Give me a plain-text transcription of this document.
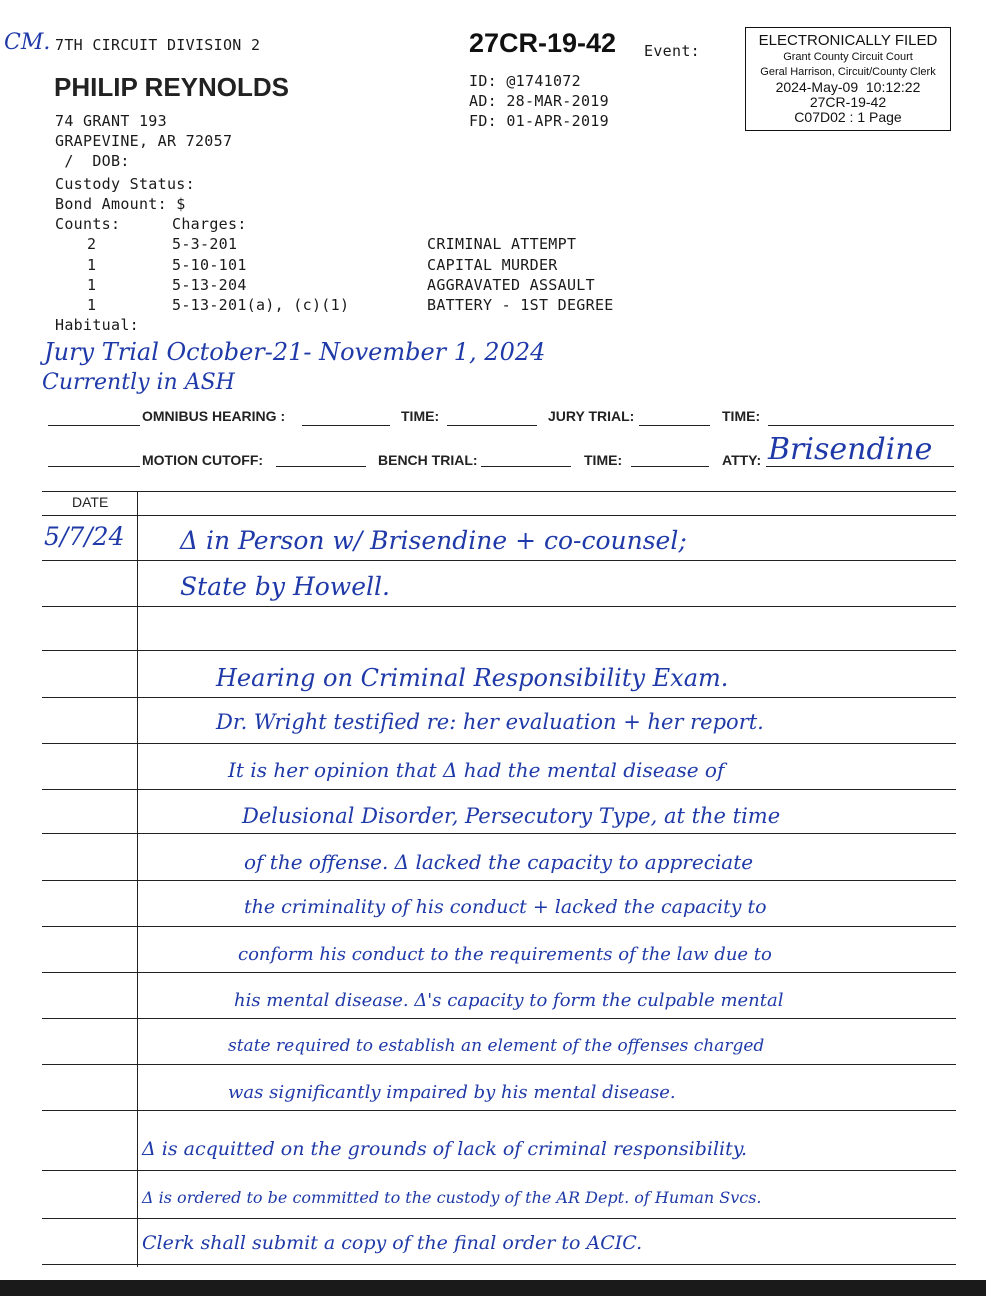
CM. 7TH CIRCUIT DIVISION 2	27CR-19-42 Event:
PHILIP REYNOLDS	ID: @1741072
AD: 28-MAR-2019
FD: 01-APR-2019
74 GRANT 193
GRAPEVINE, AR 72057
/  DOB:
Custody Status:
Bond Amount: $
Counts:	Charges:
2	5-3-201	CRIMINAL ATTEMPT
1	5-10-101	CAPITAL MURDER
1	5-13-204	AGGRAVATED ASSAULT
1	5-13-201(a), (c)(1)	BATTERY - 1ST DEGREE
Habitual:
ELECTRONICALLY FILED
Grant County Circuit Court
Geral Harrison, Circuit/County Clerk
2024-May-09  10:12:22
27CR-19-42
C07D02 : 1 Page
Jury Trial October-21- November 1, 2024
Currently in ASH
OMNIBUS HEARING :	TIME:	JURY TRIAL:	TIME:
MOTION CUTOFF:	BENCH TRIAL:	TIME:	ATTY: Brisendine
DATE
5/7/24 Δ in Person w/ Brisendine + co-counsel;
State by Howell.
Hearing on Criminal Responsibility Exam.
Dr. Wright testified re: her evaluation + her report.
It is her opinion that Δ had the mental disease of
Delusional Disorder, Persecutory Type, at the time
of the offense. Δ lacked the capacity to appreciate
the criminality of his conduct + lacked the capacity to
conform his conduct to the requirements of the law due to
his mental disease. Δ's capacity to form the culpable mental
state required to establish an element of the offenses charged
was significantly impaired by his mental disease.
Δ is acquitted on the grounds of lack of criminal responsibility.
Δ is ordered to be committed to the custody of the AR Dept. of Human Svcs.
Clerk shall submit a copy of the final order to ACIC.
